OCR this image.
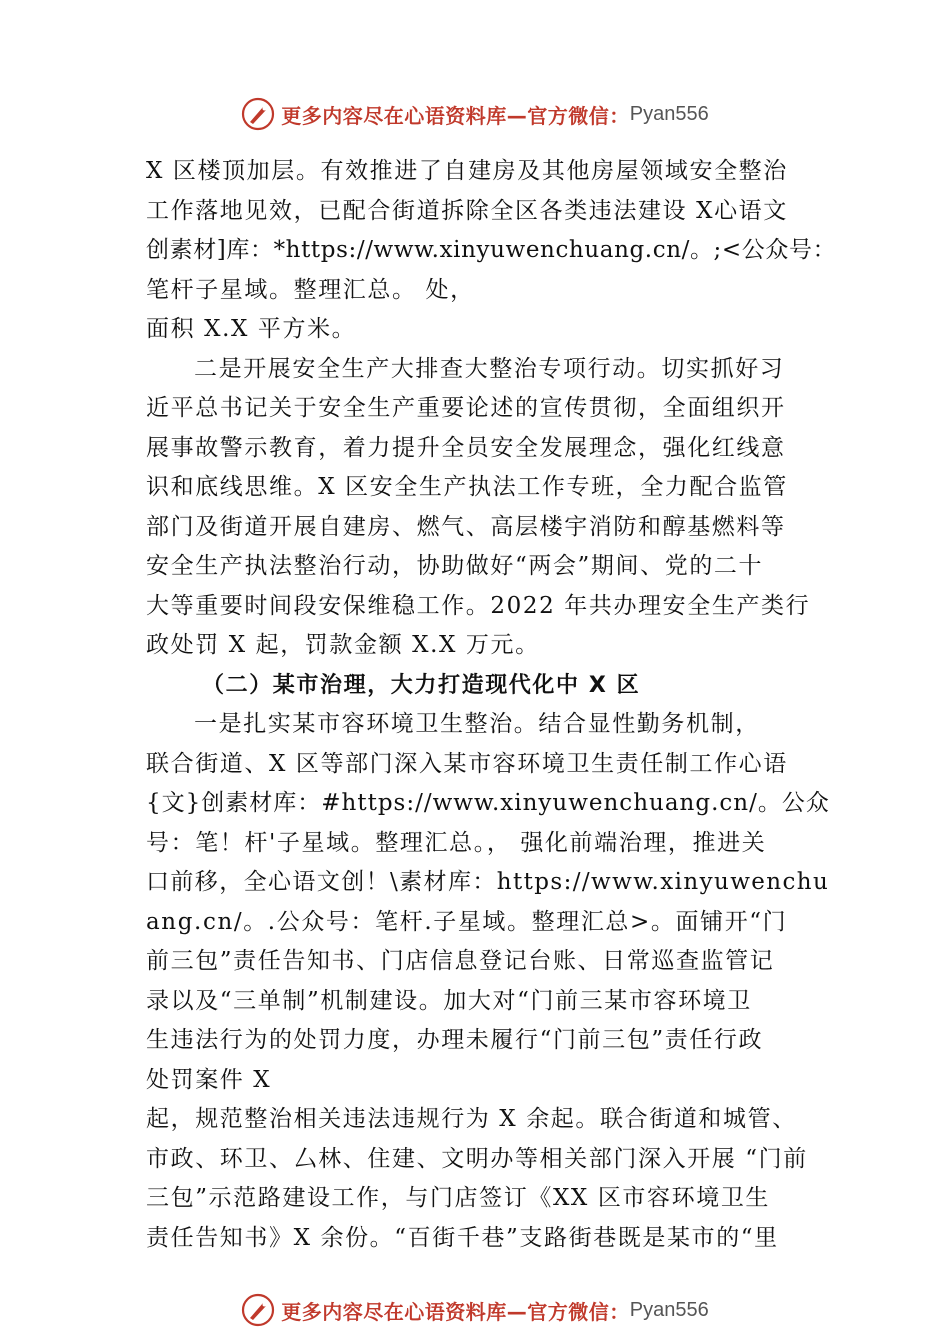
更多内容尽在心语资料库—官方微信： Pyan556
X 区楼顶加层。有效推进了自建房及其他房屋领域安全整治
工作落地见效，已配合街道拆除全区各类违法建设 X心语文
创素材]库：*https://www.xinyuwenchuang.cn/。;<公众号：
笔杆子星域。整理汇总。 处，
面积 X.X 平方米。
二是开展安全生产大排查大整治专项行动。切实抓好习
近平总书记关于安全生产重要论述的宣传贯彻，全面组织开
展事故警示教育，着力提升全员安全发展理念，强化红线意
识和底线思维。X 区安全生产执法工作专班，全力配合监管
部门及街道开展自建房、燃气、高层楼宇消防和醇基燃料等
安全生产执法整治行动，协助做好“两会”期间、党的二十
大等重要时间段安保维稳工作。2022 年共办理安全生产类行
政处罚 X 起，罚款金额 X.X 万元。
（二）某市治理，大力打造现代化中 X 区
一是扎实某市容环境卫生整治。结合显性勤务机制，
联合街道、X 区等部门深入某市容环境卫生责任制工作心语
{文}创素材库：#https://www.xinyuwenchuang.cn/。公众
号：笔！杆'子星域。整理汇总。， 强化前端治理，推进关
口前移，全心语文创！\素材库：https://www.xinyuwenchu
ang.cn/。.公众号：笔杆.子星域。整理汇总>。面铺开“门
前三包”责任告知书、门店信息登记台账、日常巡查监管记
录以及“三单制”机制建设。加大对“门前三某市容环境卫
生违法行为的处罚力度，办理未履行“门前三包”责任行政
处罚案件 X
起，规范整治相关违法违规行为 X 余起。联合街道和城管、
市政、环卫、厶林、住建、文明办等相关部门深入开展 “门前
三包”示范路建设工作，与门店签订《XX 区市容环境卫生
责任告知书》X 余份。“百街千巷”支路街巷既是某市的“里
更多内容尽在心语资料库—官方微信： Pyan556
